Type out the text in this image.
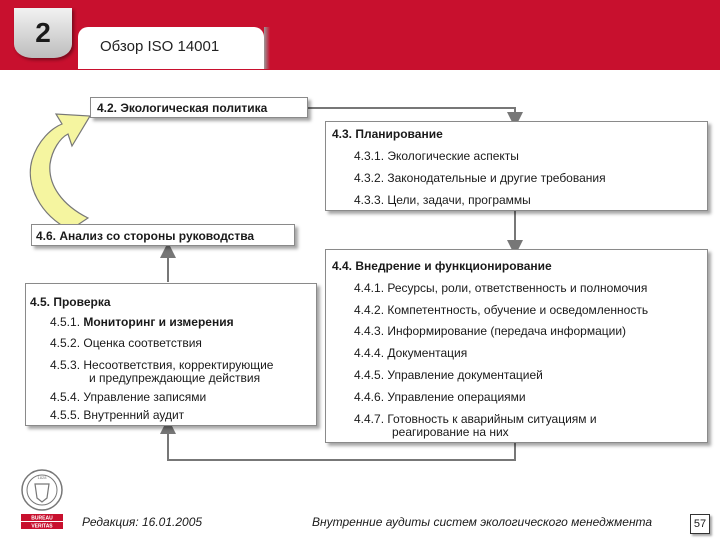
2	Обзор ISO 14001
4.2. Экологическая политика
4.3. Планирование
4.3.1. Экологические аспекты
4.3.2. Законодательные и другие требования
4.3.3. Цели, задачи, программы
4.6. Анализ со стороны руководства
4.4. Внедрение и функционирование
4.4.1. Ресурсы, роли, ответственность и полномочия
4.4.2. Компетентность, обучение и осведомленность
4.4.3. Информирование (передача информации)
4.4.4. Документация
4.4.5. Управление документацией
4.4.6. Управление операциями
4.4.7. Готовность к аварийным ситуациям и
реагирование на них
4.5. Проверка
4.5.1. Мониторинг и измерения
4.5.2. Оценка соответствия
4.5.3. Несоответствия, корректирующие
и предупреждающие действия
4.5.4. Управление записями
4.5.5. Внутренний аудит
1828
BUREAU
VERITAS Редакция: 16.01.2005	Внутренние аудиты систем экологического менеджмента	57
